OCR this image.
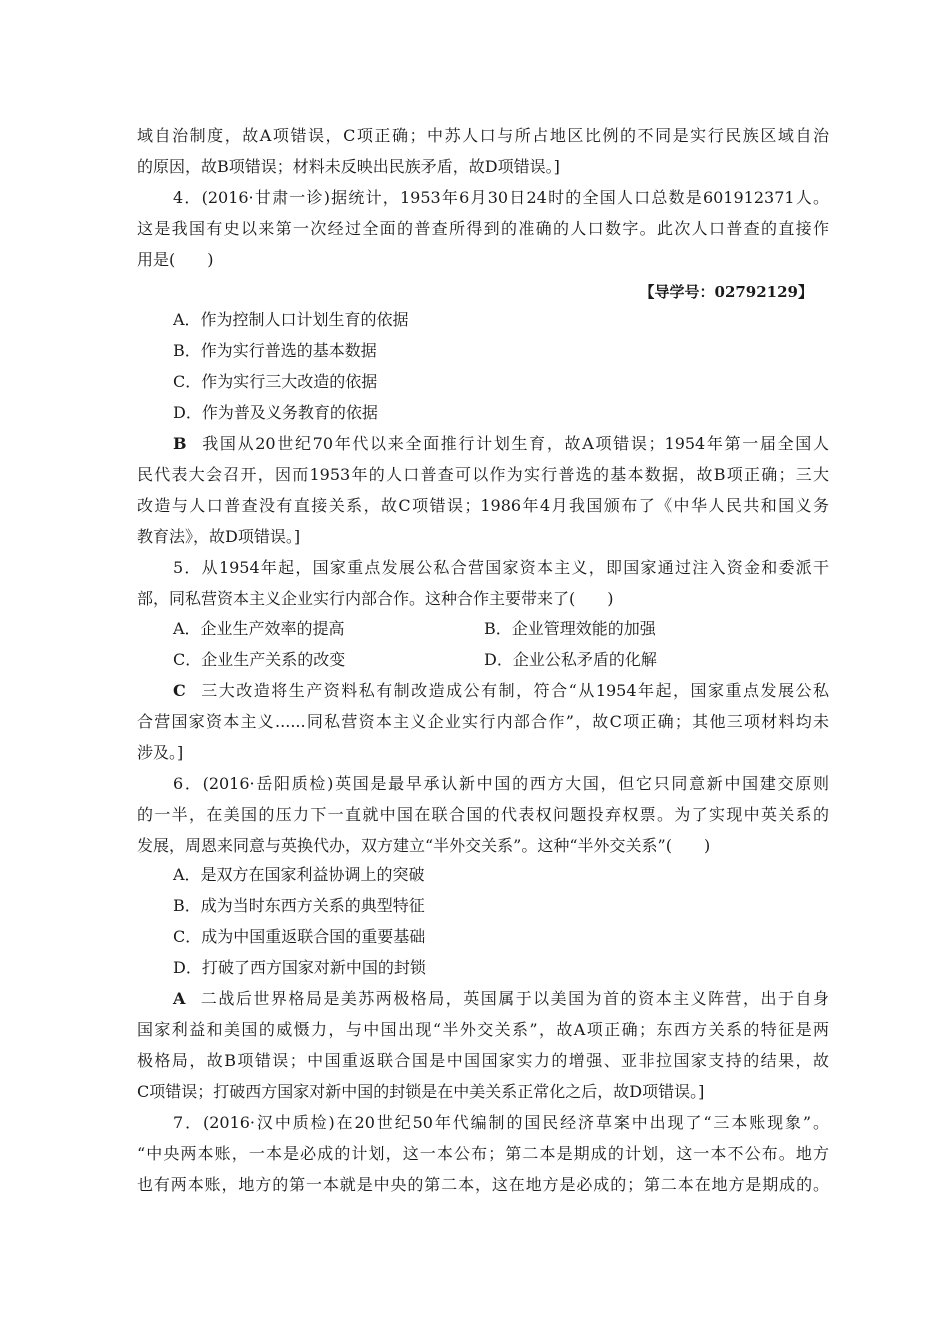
域自治制度，故A项错误，C项正确；中苏人口与所占地区比例的不同是实行民族区域自治
的原因，故B项错误；材料未反映出民族矛盾，故D项错误。]
4．(2016·甘肃一诊)据统计，1953年6月30日24时的全国人口总数是601912371人。
这是我国有史以来第一次经过全面的普查所得到的准确的人口数字。此次人口普查的直接作
用是(　　)
【导学号：02792129】
A．作为控制人口计划生育的依据
B．作为实行普选的基本数据
C．作为实行三大改造的依据
D．作为普及义务教育的依据
B 我国从20世纪70年代以来全面推行计划生育，故A项错误；1954年第一届全国人
民代表大会召开，因而1953年的人口普查可以作为实行普选的基本数据，故B项正确；三大
改造与人口普查没有直接关系，故C项错误；1986年4月我国颁布了《中华人民共和国义务
教育法》，故D项错误。]
5．从1954年起，国家重点发展公私合营国家资本主义，即国家通过注入资金和委派干
部，同私营资本主义企业实行内部合作。这种合作主要带来了(　　)
A．企业生产效率的提高	B．企业管理效能的加强
C．企业生产关系的改变	D．企业公私矛盾的化解
C 三大改造将生产资料私有制改造成公有制，符合“从1954年起，国家重点发展公私
合营国家资本主义......同私营资本主义企业实行内部合作”，故C项正确；其他三项材料均未
涉及。]
6．(2016·岳阳质检)英国是最早承认新中国的西方大国，但它只同意新中国建交原则
的一半，在美国的压力下一直就中国在联合国的代表权问题投弃权票。为了实现中英关系的
发展，周恩来同意与英换代办，双方建立“半外交关系”。这种“半外交关系”(　　)
A．是双方在国家利益协调上的突破
B．成为当时东西方关系的典型特征
C．成为中国重返联合国的重要基础
D．打破了西方国家对新中国的封锁
A 二战后世界格局是美苏两极格局，英国属于以美国为首的资本主义阵营，出于自身
国家利益和美国的威慑力，与中国出现“半外交关系”，故A项正确；东西方关系的特征是两
极格局，故B项错误；中国重返联合国是中国国家实力的增强、亚非拉国家支持的结果，故
C项错误；打破西方国家对新中国的封锁是在中美关系正常化之后，故D项错误。]
7．(2016·汉中质检)在20世纪50年代编制的国民经济草案中出现了“三本账现象”。
“中央两本账，一本是必成的计划，这一本公布；第二本是期成的计划，这一本不公布。地方
也有两本账，地方的第一本就是中央的第二本，这在地方是必成的；第二本在地方是期成的。
